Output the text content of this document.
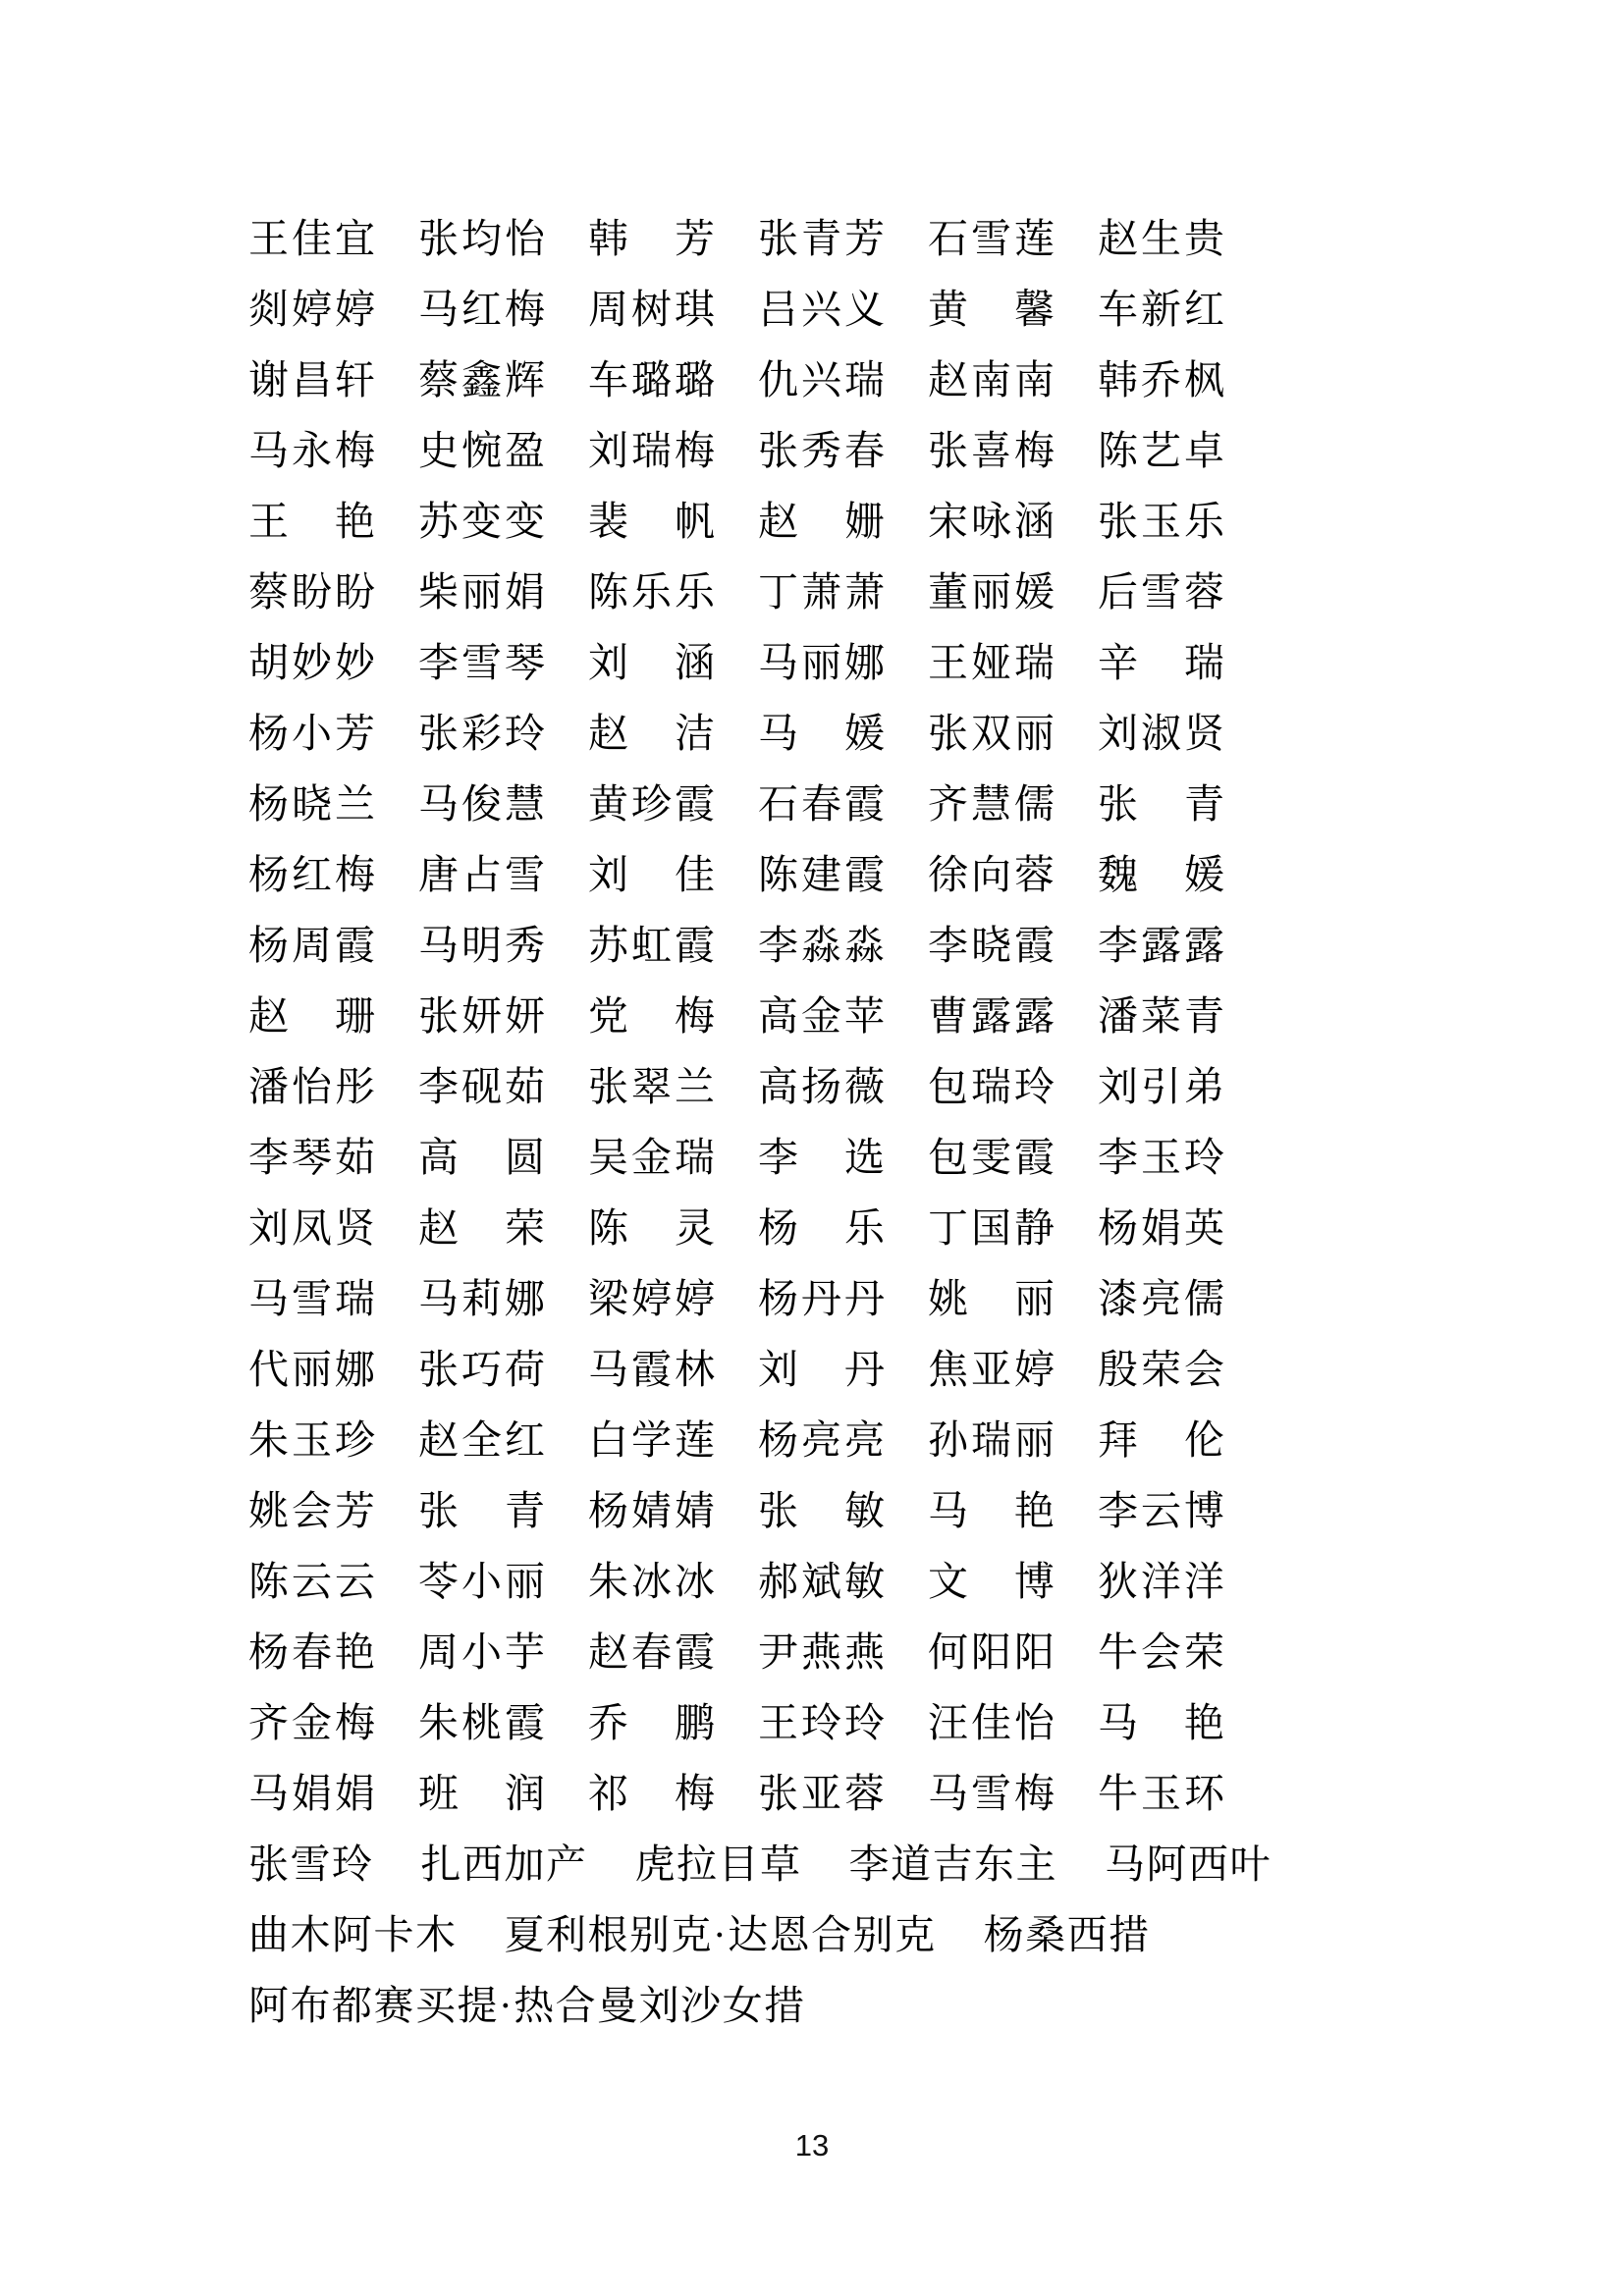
王 佳 宜 张 均 怡 韩 芳 张 青 芳 石 雪 莲 赵 生 贵
剡 婷 婷 马 红 梅 周 树 琪 吕 兴 义 黄 馨 车 新 红
谢 昌 轩 蔡 鑫 辉 车 璐 璐 仇 兴 瑞 赵 南 南 韩 乔 枫
马 永 梅 史 惋 盈 刘 瑞 梅 张 秀 春 张 喜 梅 陈 艺 卓
王 艳 苏 变 变 裴 帆 赵 姗 宋 咏 涵 张 玉 乐
蔡 盼 盼 柴 丽 娟 陈 乐 乐 丁 萧 萧 董 丽 媛 后 雪 蓉
胡 妙 妙 李 雪 琴 刘 涵 马 丽 娜 王 娅 瑞 辛 瑞
杨 小 芳 张 彩 玲 赵 洁 马 媛 张 双 丽 刘 淑 贤
杨 晓 兰 马 俊 慧 黄 珍 霞 石 春 霞 齐 慧 儒 张 青
杨 红 梅 唐 占 雪 刘 佳 陈 建 霞 徐 向 蓉 魏 媛
杨 周 霞 马 明 秀 苏 虹 霞 李 淼 淼 李 晓 霞 李 露 露
赵 珊 张 妍 妍 党 梅 高 金 苹 曹 露 露 潘 菜 青
潘 怡 彤 李 砚 茹 张 翠 兰 高 扬 薇 包 瑞 玲 刘 引 弟
李 琴 茹 高 圆 吴 金 瑞 李 选 包 雯 霞 李 玉 玲
刘 凤 贤 赵 荣 陈 灵 杨 乐 丁 国 静 杨 娟 英
马 雪 瑞 马 莉 娜 梁 婷 婷 杨 丹 丹 姚 丽 漆 亮 儒
代 丽 娜 张 巧 荷 马 霞 林 刘 丹 焦 亚 婷 殷 荣 会
朱 玉 珍 赵 全 红 白 学 莲 杨 亮 亮 孙 瑞 丽 拜 伦
姚 会 芳 张 青 杨 婧 婧 张 敏 马 艳 李 云 博
陈 云 云 苓 小 丽 朱 冰 冰 郝 斌 敏 文 博 狄 洋 洋
杨 春 艳 周 小 芋 赵 春 霞 尹 燕 燕 何 阳 阳 牛 会 荣
齐 金 梅 朱 桃 霞 乔 鹏 王 玲 玲 汪 佳 怡 马 艳
马 娟 娟 班 润 祁 梅 张 亚 蓉 马 雪 梅 牛 玉 环
张雪玲 扎西加产 虎拉目草 李道吉东主 马阿西叶
曲木阿卡木 夏利根别克·达恩合别克 杨桑西措
阿布都赛买提·热合曼刘沙女措
13
